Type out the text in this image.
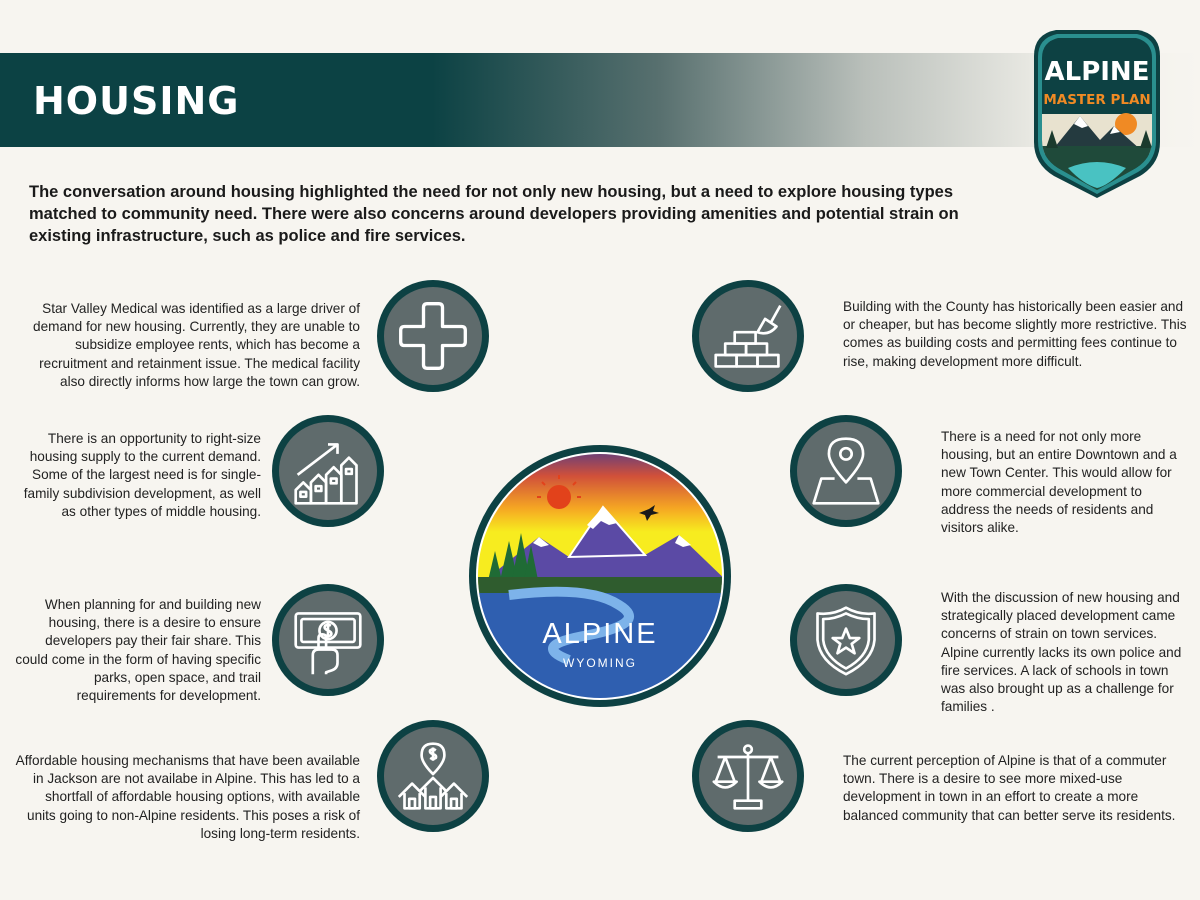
HOUSING
ALPINE
MASTER PLAN

The conversation around housing highlighted the need for not only new housing, but a need to explore housing types matched to community need. There were also concerns around developers providing amenities and potential strain on existing infrastructure, such as police and fire services.

Star Valley Medical was identified as a large driver of demand for new housing. Currently, they are unable to subsidize employee rents, which has become a recruitment and retainment issue. The medical facility also directly informs how large the town can grow.

There is an opportunity to right-size housing supply to the current demand. Some of the largest need is for single-family subdivision development, as well as other types of middle housing.

When planning for and building new housing, there is a desire to ensure developers pay their fair share. This could come in the form of having specific parks, open space, and trail requirements for development.

Affordable housing mechanisms that have been available in Jackson are not availabe in Alpine. This has led to a shortfall of affordable housing options, with available units going to non-Alpine residents. This poses a risk of losing long-term residents.

ALPINE
WYOMING

Building with the County has historically been easier and or cheaper, but has become slightly more restrictive. This comes as building costs and permitting fees continue to rise, making development more difficult.

There is a need for not only more housing, but an entire Downtown and a new Town Center. This would allow for more commercial development to address the needs of residents and visitors alike.

With the discussion of new housing and strategically placed development came concerns of strain on town services. Alpine currently lacks its own police and fire services. A lack of schools in town was also brought up as a challenge for families .

The current perception of Alpine is that of a commuter town. There is a desire to see more mixed-use development in town in an effort to create a more balanced community that can better serve its residents.
